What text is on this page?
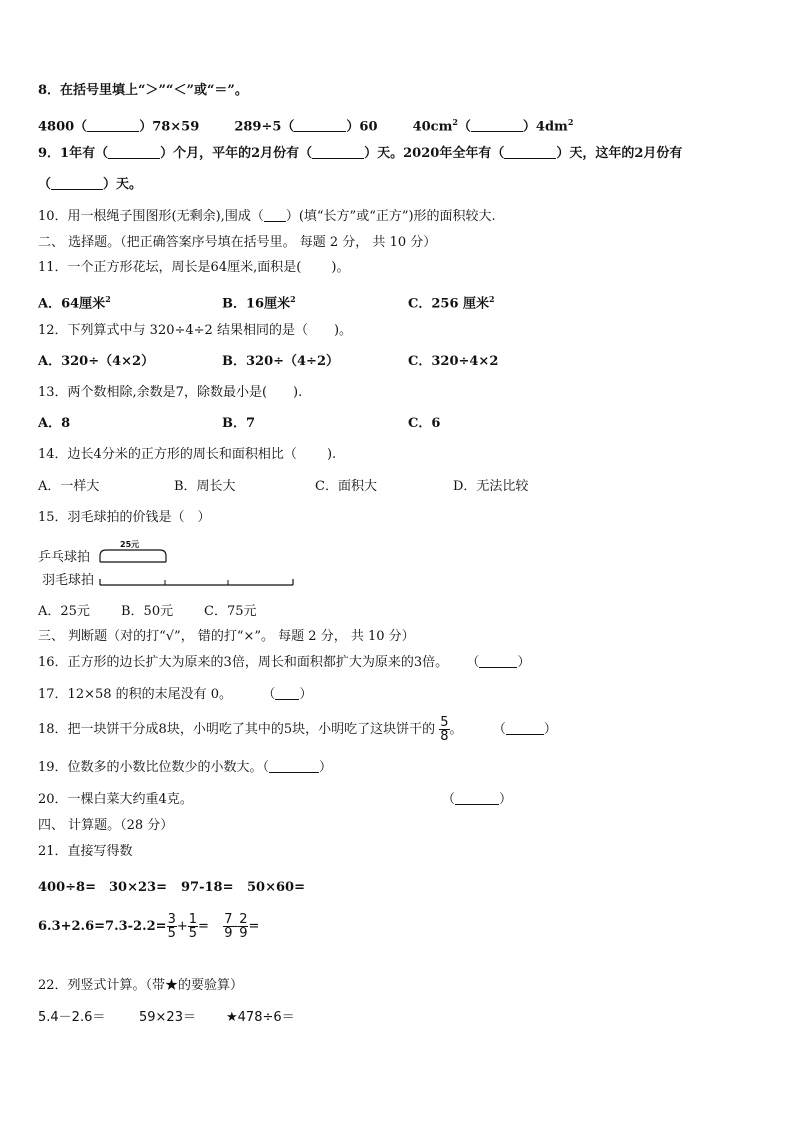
8．在括号里填上“＞”“＜”或“＝”。
4800（	）78×59	289÷5（	）60	$40cm^2$（	）$4dm^2$
9．1年有（	）个月，平年的2月份有（	）天。2020年全年有（	）天，这年的2月份有
（	）天。
10．用一根绳子围图形(无剩余),围成（ ）(填“长方”或“正方”)形的面积较大.
二、 选择题。（把正确答案序号填在括号里。 每题 2 分， 共 10 分）
11．一个正方形花坛，周长是64厘米,面积是(　　 )。
A．64厘米$^2$	B．16厘米$^2$	C．256 厘米$^2$
12．下列算式中与 320÷4÷2 结果相同的是（　　)。
A．320÷（4×2）	B．320÷（4÷2）	C．320÷4×2
13．两个数相除,余数是7，除数最小是(　　).
A．8	B．7	C．6
14．边长4分米的正方形的周长和面积相比（　　 ).
A．一样大	B．周长大	C．面积大	D．无法比较
15．羽毛球拍的价钱是（　）
25元
乒乓球拍
羽毛球拍
A．25元 B．50元 C．75元
三、 判断题（对的打“√”， 错的打“×”。 每题 2 分， 共 10 分）
16．正方形的边长扩大为原来的3倍，周长和面积都扩大为原来的3倍。 （	）
17．12×58 的积的末尾没有 0。 （ ）
18．把一块饼干分成8块，小明吃了其中的5块，小明吃了这块饼干的 $\frac{5}{8}$ 。 （	）
19．位数多的小数比位数少的小数大。（	）
20．一棵白菜大约重4克。	（	）
四、 计算题。（28 分）
21．直接写得数
400÷8= 30×23= 97-18= 50×60=
$6.3+2.6=7.3-2.2= \frac{3}{5} + \frac{1}{5} = \frac{7}{9} - \frac{2}{9}$ =
22．列竖式计算。（带★的要验算）
5.4－2.6＝	59×23＝ ★478÷6＝
